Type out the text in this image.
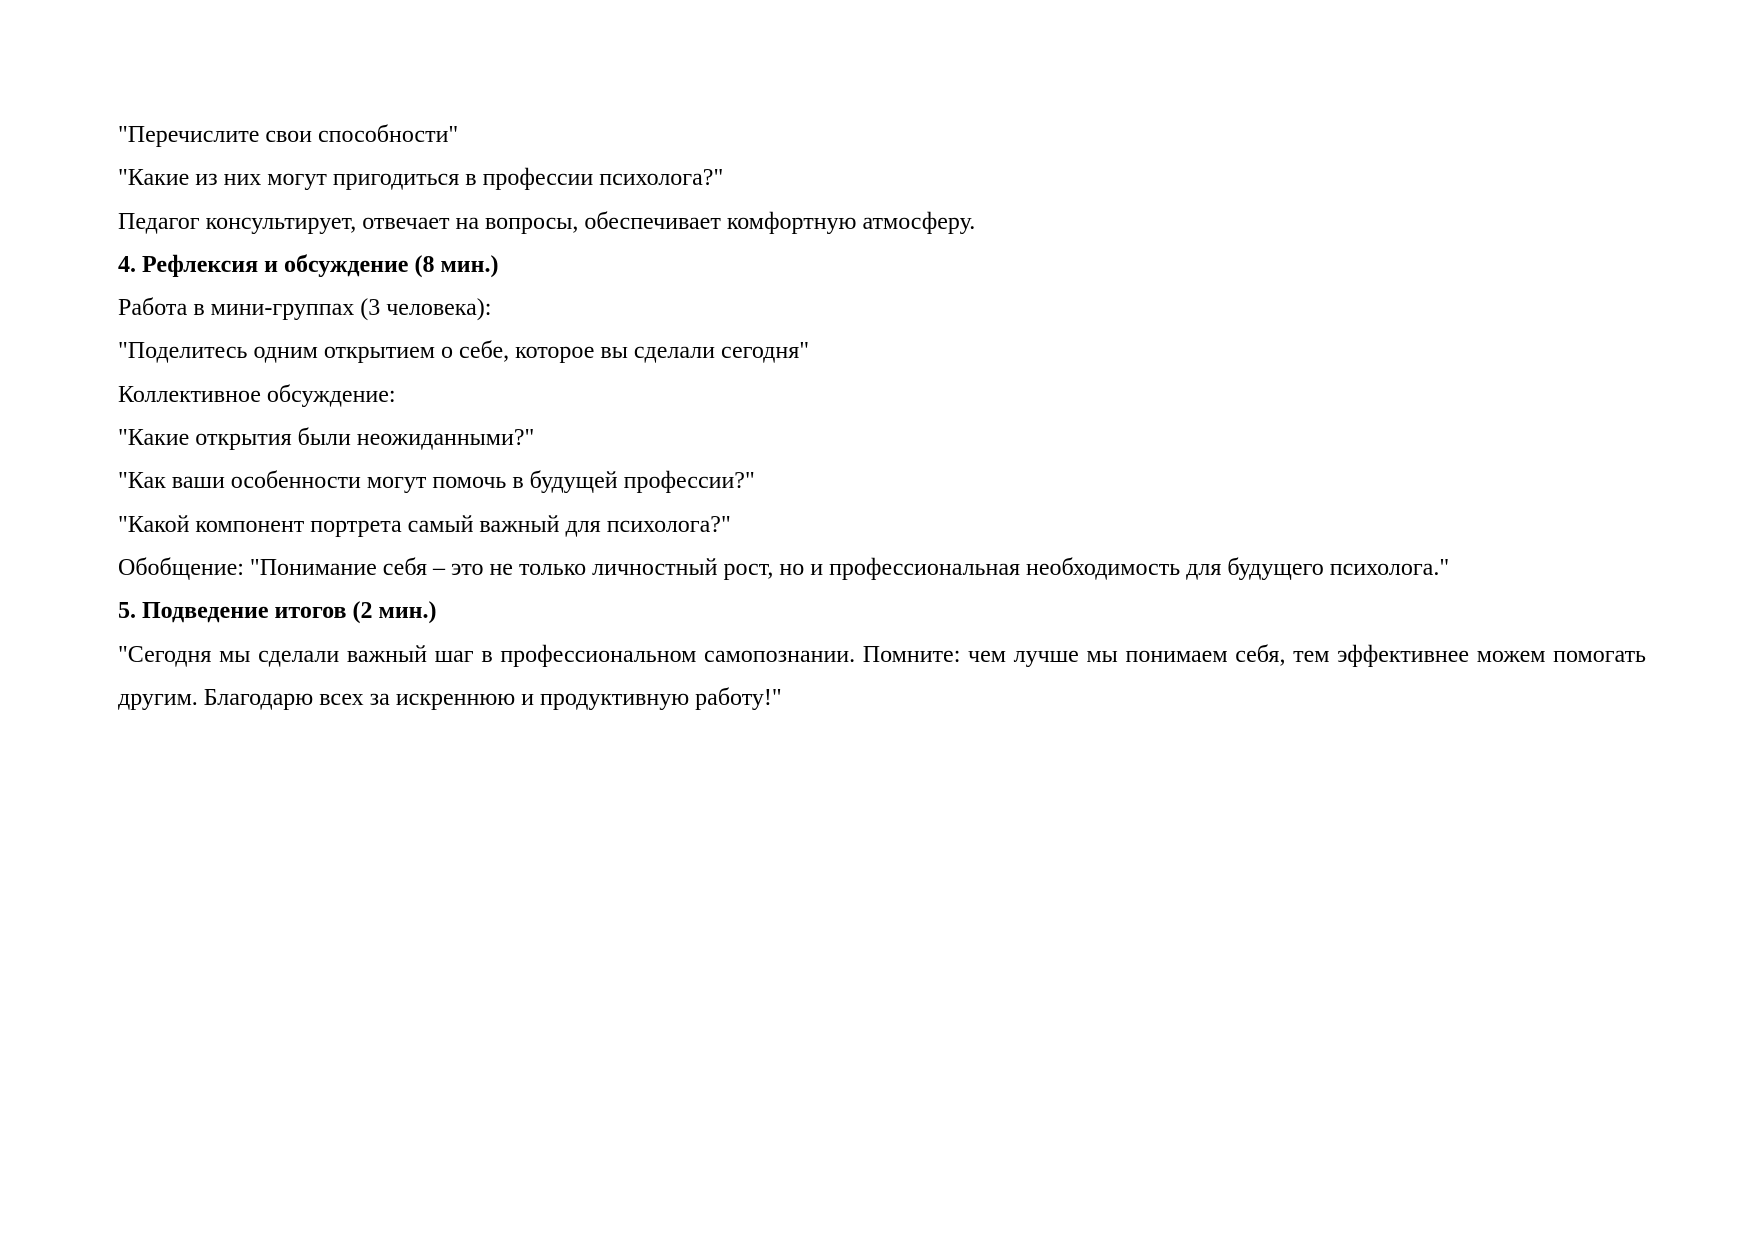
"Перечислите свои способности"

"Какие из них могут пригодиться в профессии психолога?"

Педагог консультирует, отвечает на вопросы, обеспечивает комфортную атмосферу.

4. Рефлексия и обсуждение (8 мин.)

Работа в мини-группах (3 человека):

"Поделитесь одним открытием о себе, которое вы сделали сегодня"

Коллективное обсуждение:

"Какие открытия были неожиданными?"

"Как ваши особенности могут помочь в будущей профессии?"

"Какой компонент портрета самый важный для психолога?"

Обобщение: "Понимание себя – это не только личностный рост, но и профессиональная необходимость для будущего психолога."

5. Подведение итогов (2 мин.)

"Сегодня мы сделали важный шаг в профессиональном самопознании. Помните: чем лучше мы понимаем себя, тем эффективнее можем помогать другим. Благодарю всех за искреннюю и продуктивную работу!"
